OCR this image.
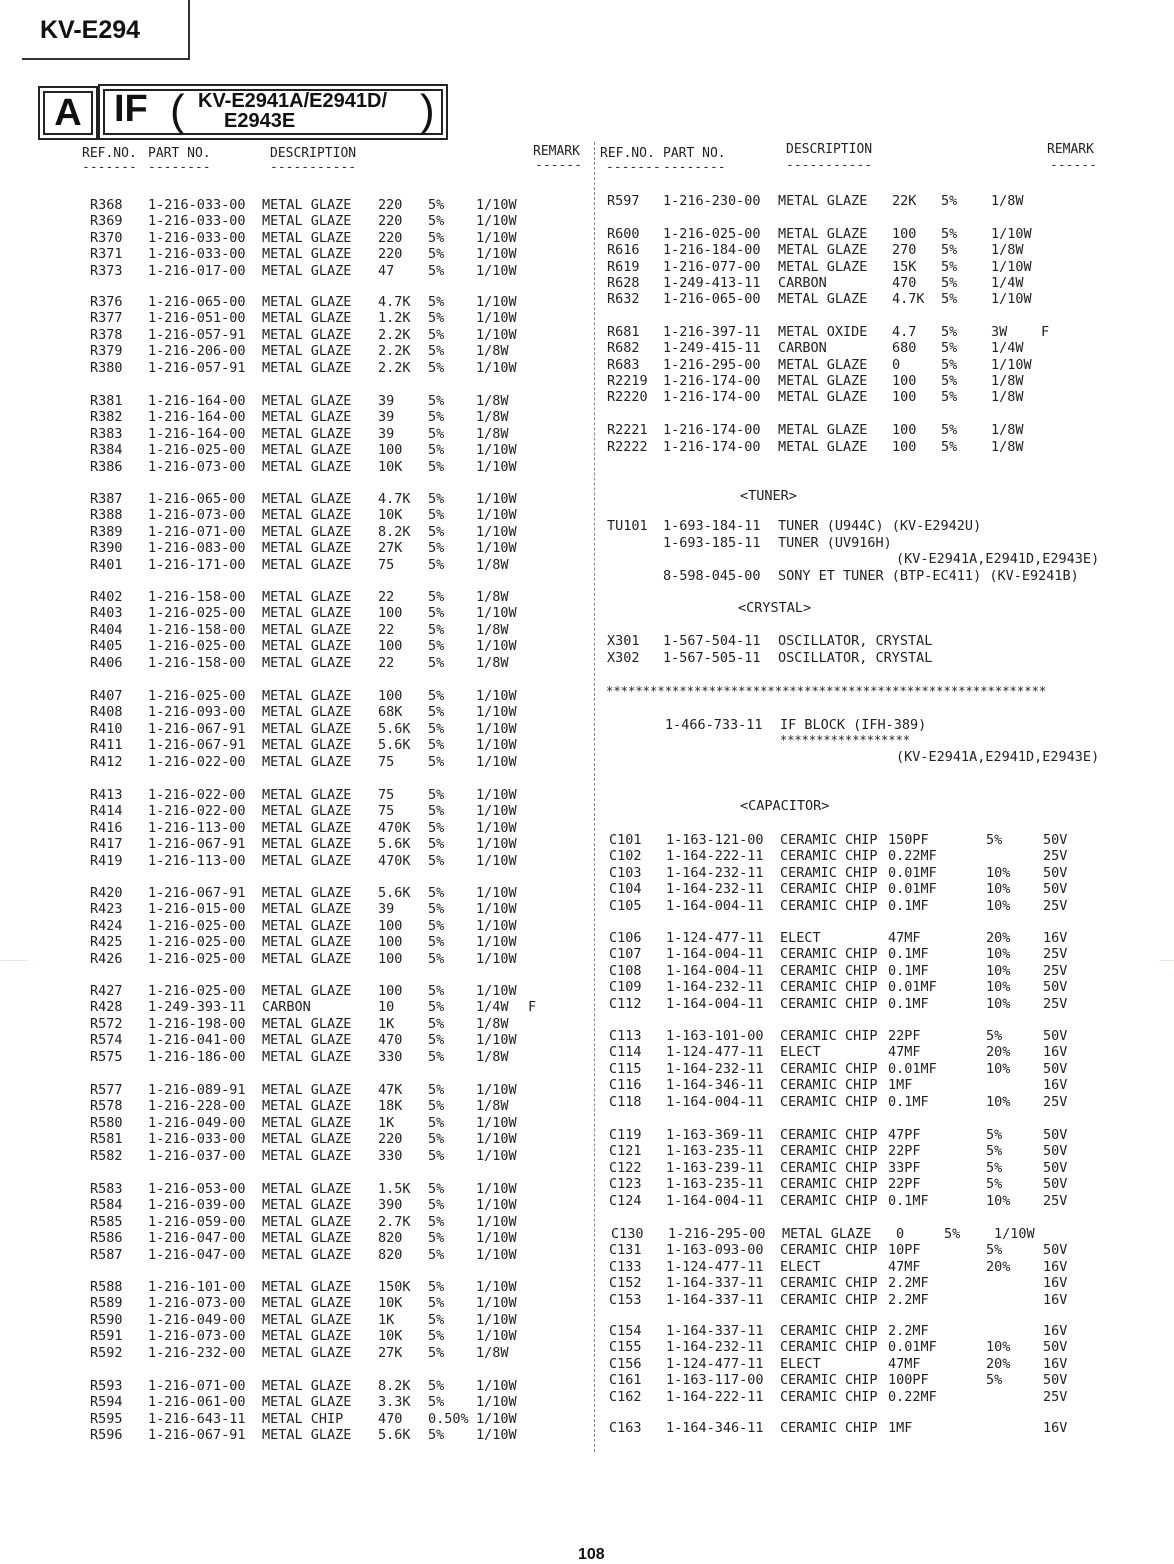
KV-E294
A IF ( KV-E2941A/E2941D/
E2943E	)
REF.NO. PART NO.	DESCRIPTION	REMARK
------- --------	-----------	------
REF.NO. PART NO.	DESCRIPTION	REMARK
------- --------	-----------	------
R368 1-216-033-00 METAL GLAZE 220 5% 1/10W
R369 1-216-033-00 METAL GLAZE 220 5% 1/10W
R370 1-216-033-00 METAL GLAZE 220 5% 1/10W
R371 1-216-033-00 METAL GLAZE 220 5% 1/10W
R373 1-216-017-00 METAL GLAZE 47 5% 1/10W
R376 1-216-065-00 METAL GLAZE 4.7K 5% 1/10W
R377 1-216-051-00 METAL GLAZE 1.2K 5% 1/10W
R378 1-216-057-91 METAL GLAZE 2.2K 5% 1/10W
R379 1-216-206-00 METAL GLAZE 2.2K 5% 1/8W
R380 1-216-057-91 METAL GLAZE 2.2K 5% 1/10W
R381 1-216-164-00 METAL GLAZE 39 5% 1/8W
R382 1-216-164-00 METAL GLAZE 39 5% 1/8W
R383 1-216-164-00 METAL GLAZE 39 5% 1/8W
R384 1-216-025-00 METAL GLAZE 100 5% 1/10W
R386 1-216-073-00 METAL GLAZE 10K 5% 1/10W
R387 1-216-065-00 METAL GLAZE 4.7K 5% 1/10W
R388 1-216-073-00 METAL GLAZE 10K 5% 1/10W
R389 1-216-071-00 METAL GLAZE 8.2K 5% 1/10W
R390 1-216-083-00 METAL GLAZE 27K 5% 1/10W
R401 1-216-171-00 METAL GLAZE 75 5% 1/8W
R402 1-216-158-00 METAL GLAZE 22 5% 1/8W
R403 1-216-025-00 METAL GLAZE 100 5% 1/10W
R404 1-216-158-00 METAL GLAZE 22 5% 1/8W
R405 1-216-025-00 METAL GLAZE 100 5% 1/10W
R406 1-216-158-00 METAL GLAZE 22 5% 1/8W
R407 1-216-025-00 METAL GLAZE 100 5% 1/10W
R408 1-216-093-00 METAL GLAZE 68K 5% 1/10W
R410 1-216-067-91 METAL GLAZE 5.6K 5% 1/10W
R411 1-216-067-91 METAL GLAZE 5.6K 5% 1/10W
R412 1-216-022-00 METAL GLAZE 75 5% 1/10W
R413 1-216-022-00 METAL GLAZE 75 5% 1/10W
R414 1-216-022-00 METAL GLAZE 75 5% 1/10W
R416 1-216-113-00 METAL GLAZE 470K 5% 1/10W
R417 1-216-067-91 METAL GLAZE 5.6K 5% 1/10W
R419 1-216-113-00 METAL GLAZE 470K 5% 1/10W
R420 1-216-067-91 METAL GLAZE 5.6K 5% 1/10W
R423 1-216-015-00 METAL GLAZE 39 5% 1/10W
R424 1-216-025-00 METAL GLAZE 100 5% 1/10W
R425 1-216-025-00 METAL GLAZE 100 5% 1/10W
R426 1-216-025-00 METAL GLAZE 100 5% 1/10W
R427 1-216-025-00 METAL GLAZE 100 5% 1/10W
R428 1-249-393-11 CARBON	10 5% 1/4W F
R572 1-216-198-00 METAL GLAZE 1K 5% 1/8W
R574 1-216-041-00 METAL GLAZE 470 5% 1/10W
R575 1-216-186-00 METAL GLAZE 330 5% 1/8W
R577 1-216-089-91 METAL GLAZE 47K 5% 1/10W
R578 1-216-228-00 METAL GLAZE 18K 5% 1/8W
R580 1-216-049-00 METAL GLAZE 1K 5% 1/10W
R581 1-216-033-00 METAL GLAZE 220 5% 1/10W
R582 1-216-037-00 METAL GLAZE 330 5% 1/10W
R583 1-216-053-00 METAL GLAZE 1.5K 5% 1/10W
R584 1-216-039-00 METAL GLAZE 390 5% 1/10W
R585 1-216-059-00 METAL GLAZE 2.7K 5% 1/10W
R586 1-216-047-00 METAL GLAZE 820 5% 1/10W
R587 1-216-047-00 METAL GLAZE 820 5% 1/10W
R588 1-216-101-00 METAL GLAZE 150K 5% 1/10W
R589 1-216-073-00 METAL GLAZE 10K 5% 1/10W
R590 1-216-049-00 METAL GLAZE 1K 5% 1/10W
R591 1-216-073-00 METAL GLAZE 10K 5% 1/10W
R592 1-216-232-00 METAL GLAZE 27K 5% 1/8W
R593 1-216-071-00 METAL GLAZE 8.2K 5% 1/10W
R594 1-216-061-00 METAL GLAZE 3.3K 5% 1/10W
R595 1-216-643-11 METAL CHIP	470 0.50% 1/10W
R596 1-216-067-91 METAL GLAZE 5.6K 5% 1/10W
R597 1-216-230-00 METAL GLAZE 22K 5% 1/8W
R600 1-216-025-00 METAL GLAZE 100 5% 1/10W
R616 1-216-184-00 METAL GLAZE 270 5% 1/8W
R619 1-216-077-00 METAL GLAZE 15K 5% 1/10W
R628 1-249-413-11 CARBON	470 5% 1/4W
R632 1-216-065-00 METAL GLAZE 4.7K 5% 1/10W
R681 1-216-397-11 METAL OXIDE 4.7 5% 3W F
R682 1-249-415-11 CARBON	680 5% 1/4W
R683 1-216-295-00 METAL GLAZE 0	5% 1/10W
R2219 1-216-174-00 METAL GLAZE 100 5% 1/8W
R2220 1-216-174-00 METAL GLAZE 100 5% 1/8W
R2221 1-216-174-00 METAL GLAZE 100 5% 1/8W
R2222 1-216-174-00 METAL GLAZE 100 5% 1/8W
<TUNER>
TU101 1-693-184-11 TUNER (U944C) (KV-E2942U)
1-693-185-11 TUNER (UV916H)
(KV-E2941A,E2941D,E2943E)
8-598-045-00 SONY ET TUNER (BTP-EC411) (KV-E9241B)
<CRYSTAL>
X301 1-567-504-11 OSCILLATOR, CRYSTAL
X302 1-567-505-11 OSCILLATOR, CRYSTAL
************************************************************
1-466-733-11 IF BLOCK (IFH-389)
******************
(KV-E2941A,E2941D,E2943E)
<CAPACITOR>
C101 1-163-121-00 CERAMIC CHIP 150PF	5%	50V
C102 1-164-222-11 CERAMIC CHIP 0.22MF	25V
C103 1-164-232-11 CERAMIC CHIP 0.01MF	10% 50V
C104 1-164-232-11 CERAMIC CHIP 0.01MF	10% 50V
C105 1-164-004-11 CERAMIC CHIP 0.1MF	10% 25V
C106 1-124-477-11 ELECT	47MF	20% 16V
C107 1-164-004-11 CERAMIC CHIP 0.1MF	10% 25V
C108 1-164-004-11 CERAMIC CHIP 0.1MF	10% 25V
C109 1-164-232-11 CERAMIC CHIP 0.01MF	10% 50V
C112 1-164-004-11 CERAMIC CHIP 0.1MF	10% 25V
C113 1-163-101-00 CERAMIC CHIP 22PF	5%	50V
C114 1-124-477-11 ELECT	47MF	20% 16V
C115 1-164-232-11 CERAMIC CHIP 0.01MF	10% 50V
C116 1-164-346-11 CERAMIC CHIP 1MF	16V
C118 1-164-004-11 CERAMIC CHIP 0.1MF	10% 25V
C119 1-163-369-11 CERAMIC CHIP 47PF	5%	50V
C121 1-163-235-11 CERAMIC CHIP 22PF	5%	50V
C122 1-163-239-11 CERAMIC CHIP 33PF	5%	50V
C123 1-163-235-11 CERAMIC CHIP 22PF	5%	50V
C124 1-164-004-11 CERAMIC CHIP 0.1MF	10% 25V
C130 1-216-295-00 METAL GLAZE 0	5% 1/10W
C131 1-163-093-00 CERAMIC CHIP 10PF	5%	50V
C133 1-124-477-11 ELECT	47MF	20% 16V
C152 1-164-337-11 CERAMIC CHIP 2.2MF	16V
C153 1-164-337-11 CERAMIC CHIP 2.2MF	16V
C154 1-164-337-11 CERAMIC CHIP 2.2MF	16V
C155 1-164-232-11 CERAMIC CHIP 0.01MF	10% 50V
C156 1-124-477-11 ELECT	47MF	20% 16V
C161 1-163-117-00 CERAMIC CHIP 100PF	5%	50V
C162 1-164-222-11 CERAMIC CHIP 0.22MF	25V
C163 1-164-346-11 CERAMIC CHIP 1MF	16V
108
